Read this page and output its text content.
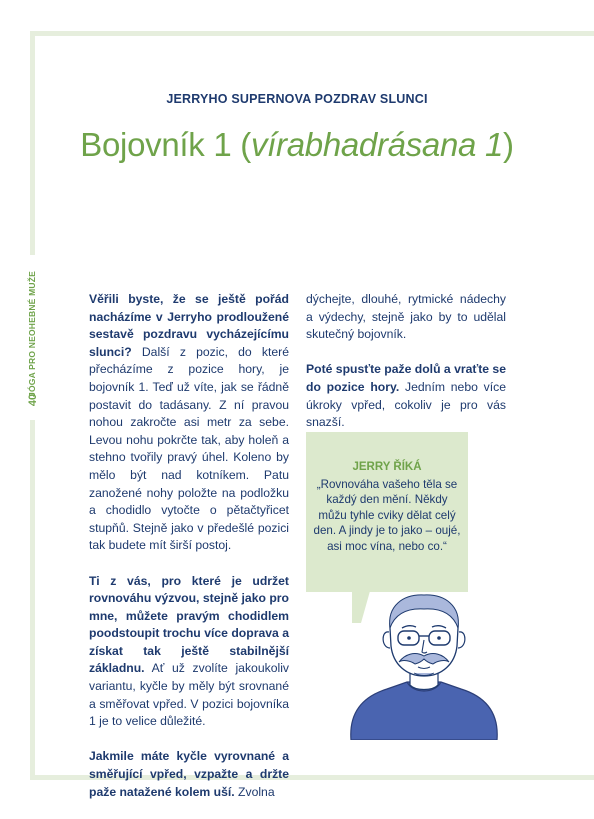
JÓGA PRO NEOHEBNÉ MUŽE
40
JERRYHO SUPERNOVA POZDRAV SLUNCI
Bojovník 1 (vírabhadrásana 1)

Věřili byste, že se ještě pořád nacházíme v Jerryho prodloužené sestavě pozdravu vycházejícímu slunci? Další z pozic, do které přecházíme z pozice hory, je bojovník 1. Teď už víte, jak se řádně postavit do tadásany. Z ní pravou nohou zakročte asi metr za sebe. Levou nohu pokrčte tak, aby holeň a stehno tvořily pravý úhel. Koleno by mělo být nad kotníkem. Patu zanožené nohy položte na podložku a chodidlo vytočte o pětačtyřicet stupňů. Stejně jako v předešlé pozici tak budete mít širší postoj.

Ti z vás, pro které je udržet rovnováhu výzvou, stejně jako pro mne, můžete pravým chodidlem poodstoupit trochu více doprava a získat tak ještě stabilnější základnu. Ať už zvolíte jakoukoliv variantu, kyčle by měly být srovnané a směřovat vpřed. V pozici bojovníka 1 je to velice důležité.

Jakmile máte kyčle vyrovnané a směřující vpřed, vzpažte a držte paže natažené kolem uší. Zvolna

dýchejte, dlouhé, rytmické nádechy a výdechy, stejně jako by to udělal skutečný bojovník.

Poté spusťte paže dolů a vraťte se do pozice hory. Jedním nebo více úkroky vpřed, cokoliv je pro vás snazší.

JERRY ŘÍKÁ
„Rovnováha vašeho těla se každý den mění. Někdy můžu tyhle cviky dělat celý den. A jindy je to jako – oujé, asi moc vína, nebo co.“
